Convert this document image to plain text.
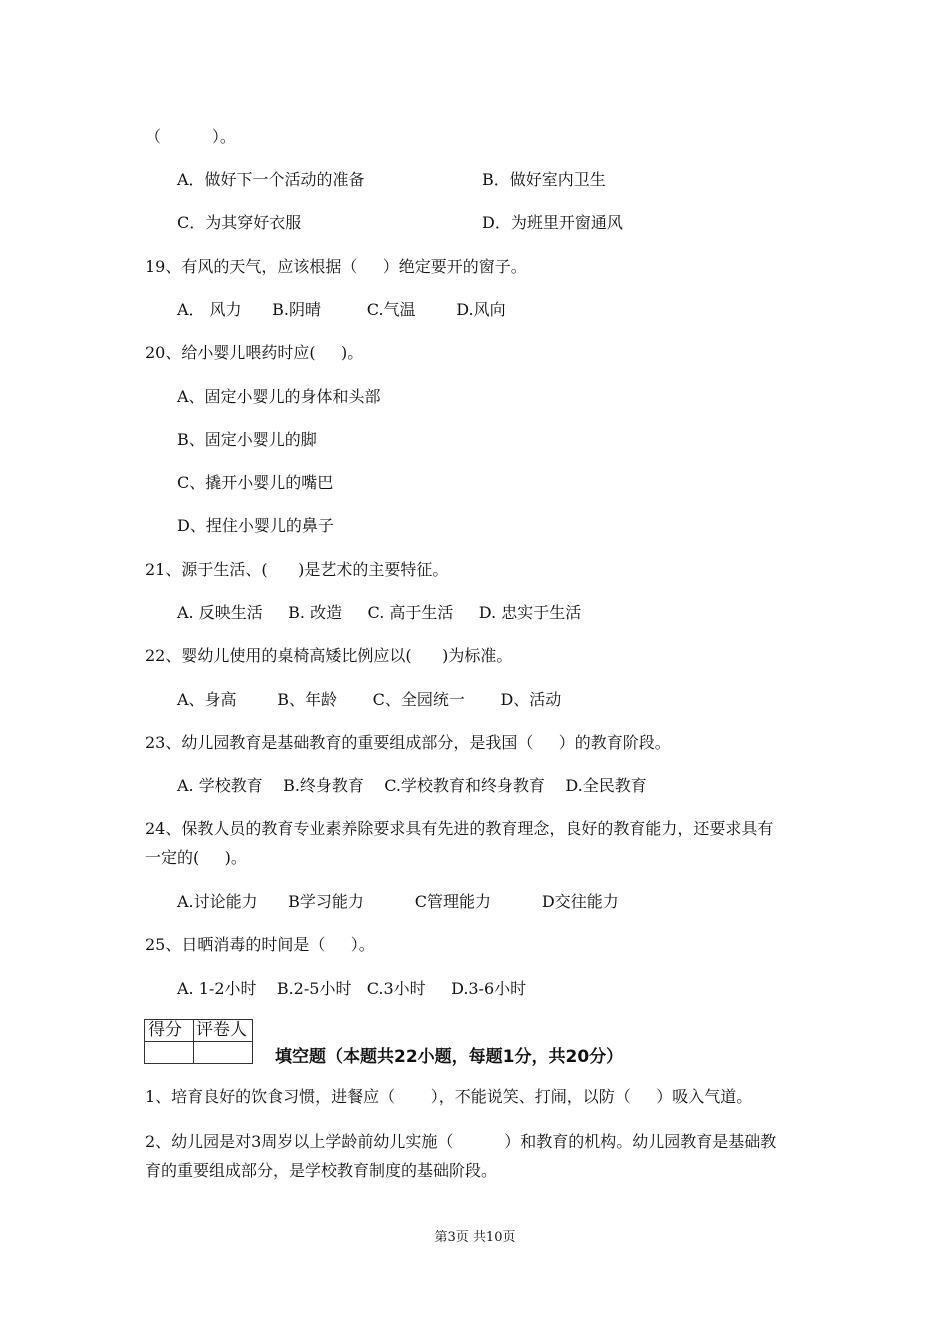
（          ）。
A．做好下一个活动的准备	B．做好室内卫生
C．为其穿好衣服	D．为班里开窗通风
19、有风的天气，应该根据（     ）绝定要开的窗子。
A． 风力      B.阴晴         C.气温        D.风向
20、给小婴儿喂药时应(     )。
A、固定小婴儿的身体和头部
B、固定小婴儿的脚
C、撬开小婴儿的嘴巴
D、捏住小婴儿的鼻子
21、源于生活、(      )是艺术的主要特征。
A. 反映生活     B. 改造     C. 高于生活     D. 忠实于生活
22、婴幼儿使用的桌椅高矮比例应以(      )为标准。
A、身高        B、年龄       C、全园统一       D、活动
23、幼儿园教育是基础教育的重要组成部分，是我国（     ）的教育阶段。
A. 学校教育    B.终身教育    C.学校教育和终身教育    D.全民教育
24、保教人员的教育专业素养除要求具有先进的教育理念，良好的教育能力，还要求具有
一定的(     )。
A.讨论能力      B学习能力          C管理能力          D交往能力
25、日晒消毒的时间是（     ）。
A. 1-2小时    B.2-5小时   C.3小时     D.3-6小时
得分 评卷人
填空题（本题共22小题，每题1分，共20分）
1、培育良好的饮食习惯，进餐应（       ），不能说笑、打闹，以防（     ）吸入气道。
2、幼儿园是对3周岁以上学龄前幼儿实施（          ）和教育的机构。幼儿园教育是基础教
育的重要组成部分，是学校教育制度的基础阶段。
第3页 共10页
